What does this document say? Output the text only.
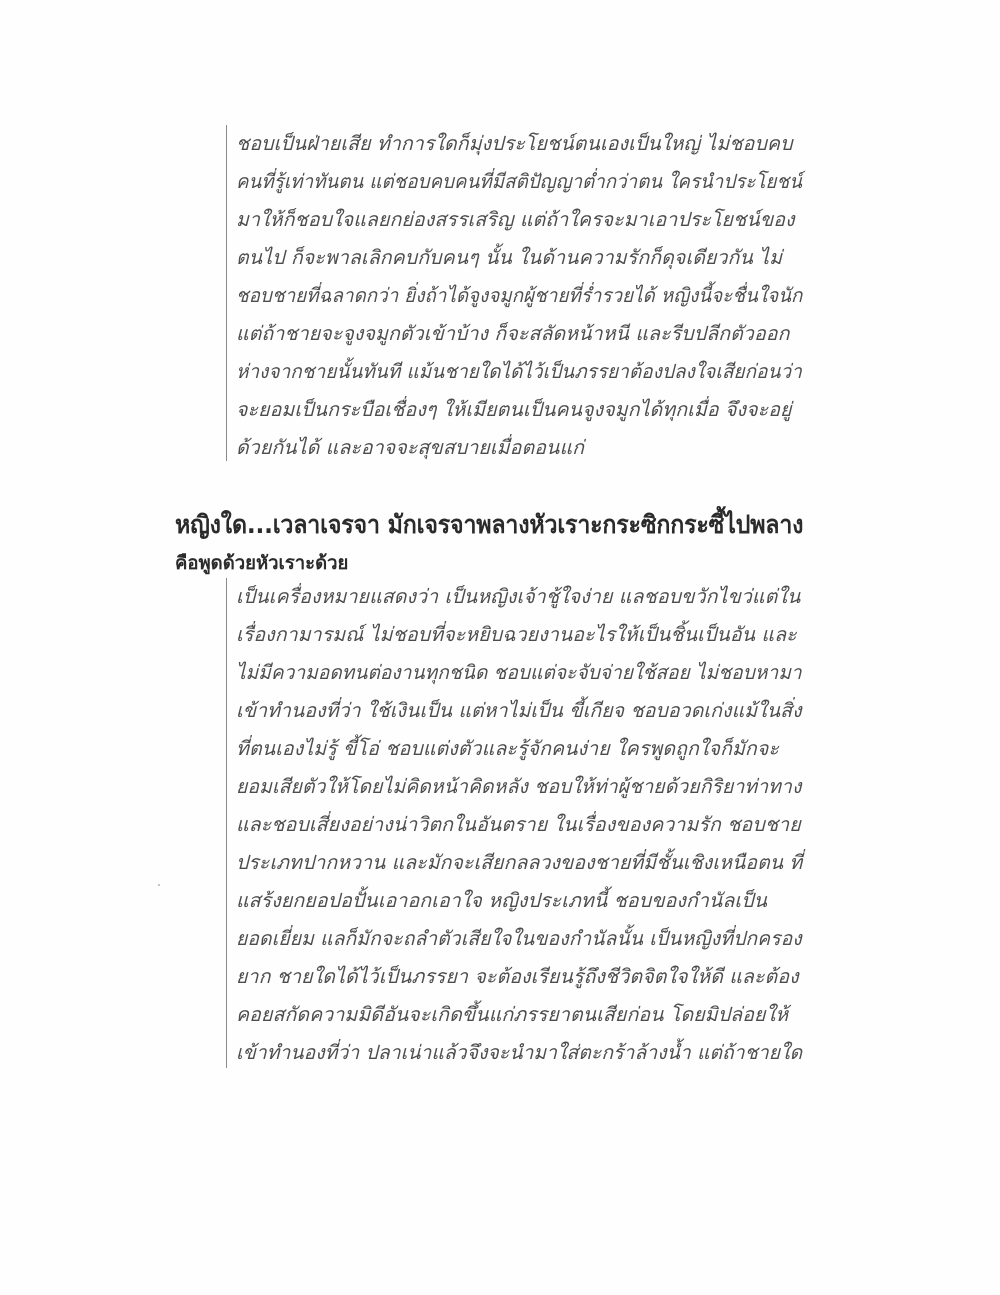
ชอบเป็นฝ่ายเสีย ทำการใดก็มุ่งประโยชน์ตนเองเป็นใหญ่ ไม่ชอบคบ
คนที่รู้เท่าทันตน แต่ชอบคบคนที่มีสติปัญญาต่ำกว่าตน ใครนำประโยชน์
มาให้ก็ชอบใจแลยกย่องสรรเสริญ แต่ถ้าใครจะมาเอาประโยชน์ของ
ตนไป ก็จะพาลเลิกคบกับคนๆ นั้น ในด้านความรักก็ดุจเดียวกัน ไม่
ชอบชายที่ฉลาดกว่า ยิ่งถ้าได้จูงจมูกผู้ชายที่ร่ำรวยได้ หญิงนี้จะชื่นใจนัก
แต่ถ้าชายจะจูงจมูกตัวเข้าบ้าง ก็จะสลัดหน้าหนี และรีบปลีกตัวออก
ห่างจากชายนั้นทันที แม้นชายใดได้ไว้เป็นภรรยาต้องปลงใจเสียก่อนว่า
จะยอมเป็นกระบือเชื่องๆ ให้เมียตนเป็นคนจูงจมูกได้ทุกเมื่อ จึงจะอยู่
ด้วยกันได้ และอาจจะสุขสบายเมื่อตอนแก่
หญิงใด...เวลาเจรจา มักเจรจาพลางหัวเราะกระซิกกระซี้ไปพลาง
คือพูดด้วยหัวเราะด้วย
เป็นเครื่องหมายแสดงว่า เป็นหญิงเจ้าชู้ใจง่าย แลชอบขวักไขว่แต่ใน
เรื่องกามารมณ์ ไม่ชอบที่จะหยิบฉวยงานอะไรให้เป็นชิ้นเป็นอัน และ
ไม่มีความอดทนต่องานทุกชนิด ชอบแต่จะจับจ่ายใช้สอย ไม่ชอบหามา
เข้าทำนองที่ว่า ใช้เงินเป็น แต่หาไม่เป็น ขี้เกียจ ชอบอวดเก่งแม้ในสิ่ง
ที่ตนเองไม่รู้ ขี้โอ่ ชอบแต่งตัวและรู้จักคนง่าย ใครพูดถูกใจก็มักจะ
ยอมเสียตัวให้โดยไม่คิดหน้าคิดหลัง ชอบให้ท่าผู้ชายด้วยกิริยาท่าทาง
และชอบเสี่ยงอย่างน่าวิตกในอันตราย ในเรื่องของความรัก ชอบชาย
ประเภทปากหวาน และมักจะเสียกลลวงของชายที่มีชั้นเชิงเหนือตน ที่
แสร้งยกยอปอปั้นเอาอกเอาใจ หญิงประเภทนี้ ชอบของกำนัลเป็น
ยอดเยี่ยม แลก็มักจะถลำตัวเสียใจในของกำนัลนั้น เป็นหญิงที่ปกครอง
ยาก ชายใดได้ไว้เป็นภรรยา จะต้องเรียนรู้ถึงชีวิตจิตใจให้ดี และต้อง
คอยสกัดความมิดีอันจะเกิดขึ้นแก่ภรรยาตนเสียก่อน โดยมิปล่อยให้
เข้าทำนองที่ว่า ปลาเน่าแล้วจึงจะนำมาใส่ตะกร้าล้างน้ำ แต่ถ้าชายใด
